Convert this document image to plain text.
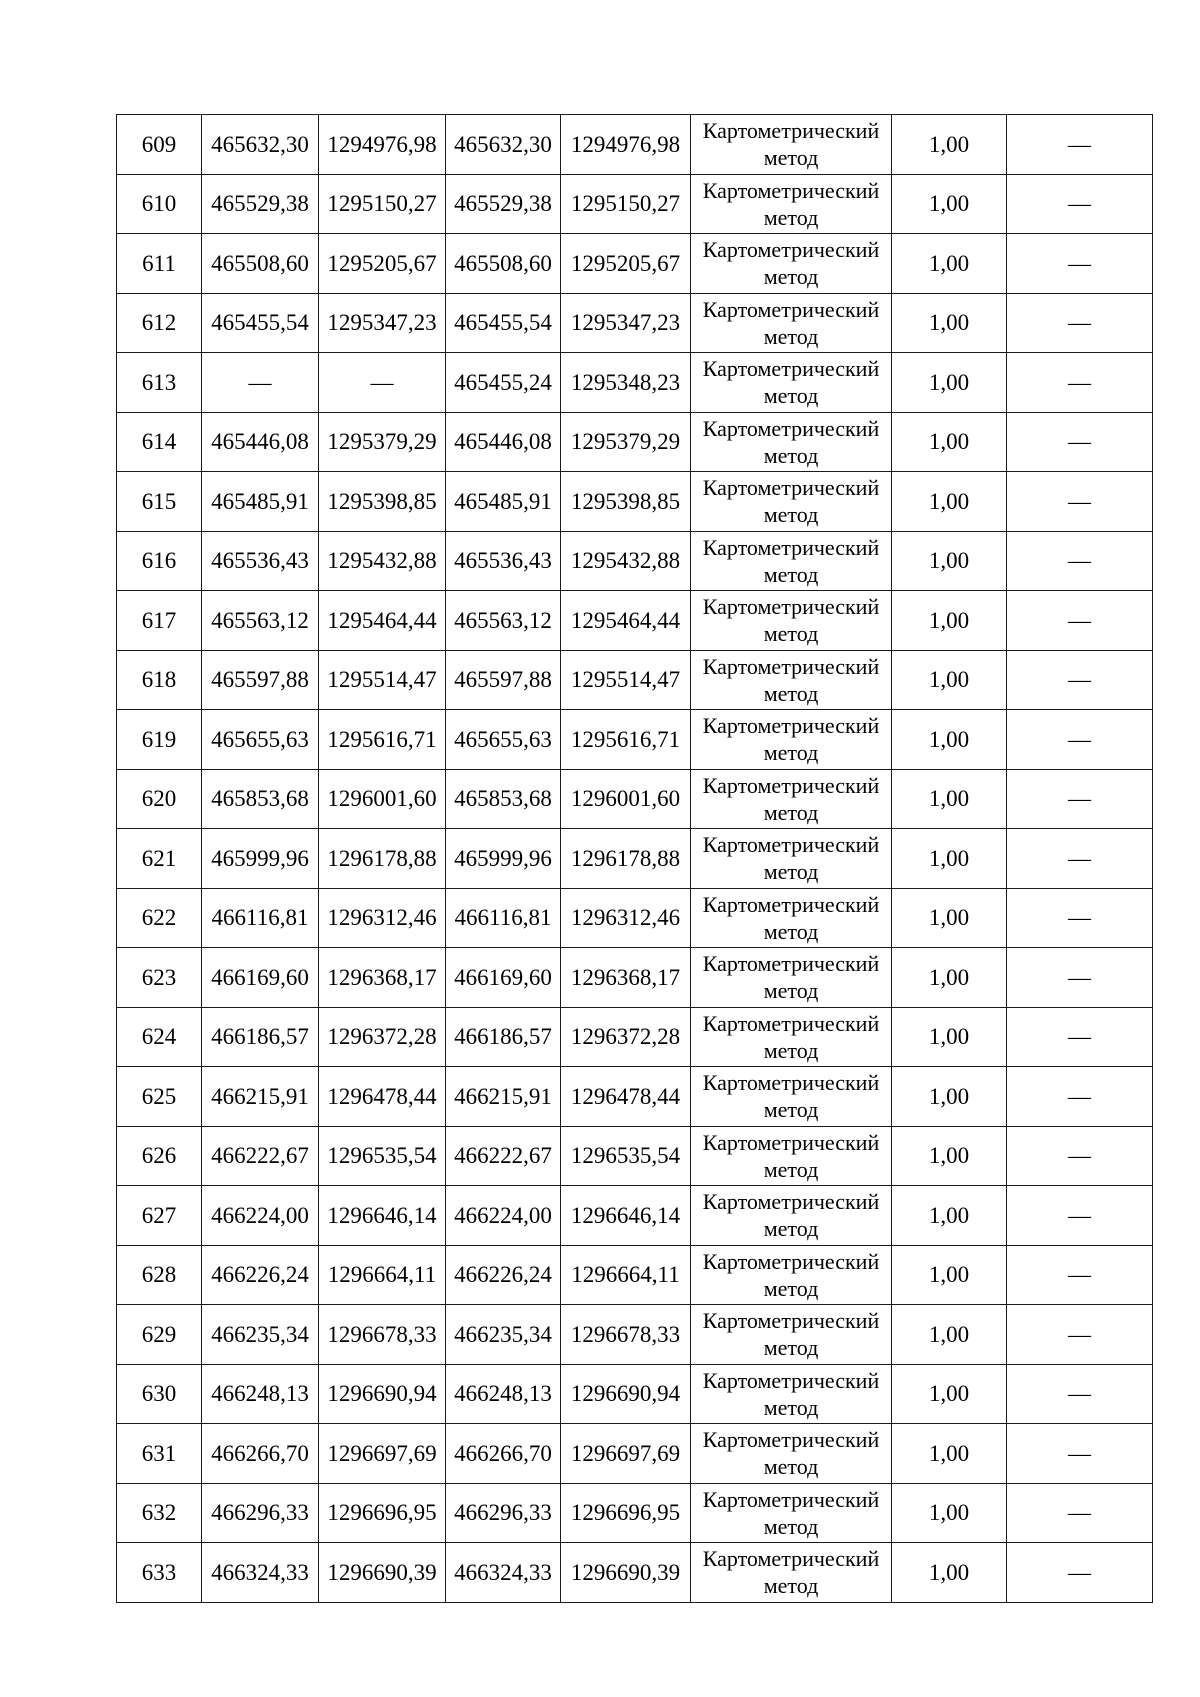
609	465632,30	1294976,98	465632,30	1294976,98	Картометрический
метод	1,00	—
610	465529,38	1295150,27	465529,38	1295150,27	Картометрический
метод	1,00	—
611	465508,60	1295205,67	465508,60	1295205,67	Картометрический
метод	1,00	—
612	465455,54	1295347,23	465455,54	1295347,23	Картометрический
метод	1,00	—
613	—	—	465455,24	1295348,23	Картометрический
метод	1,00	—
614	465446,08	1295379,29	465446,08	1295379,29	Картометрический
метод	1,00	—
615	465485,91	1295398,85	465485,91	1295398,85	Картометрический
метод	1,00	—
616	465536,43	1295432,88	465536,43	1295432,88	Картометрический
метод	1,00	—
617	465563,12	1295464,44	465563,12	1295464,44	Картометрический
метод	1,00	—
618	465597,88	1295514,47	465597,88	1295514,47	Картометрический
метод	1,00	—
619	465655,63	1295616,71	465655,63	1295616,71	Картометрический
метод	1,00	—
620	465853,68	1296001,60	465853,68	1296001,60	Картометрический
метод	1,00	—
621	465999,96	1296178,88	465999,96	1296178,88	Картометрический
метод	1,00	—
622	466116,81	1296312,46	466116,81	1296312,46	Картометрический
метод	1,00	—
623	466169,60	1296368,17	466169,60	1296368,17	Картометрический
метод	1,00	—
624	466186,57	1296372,28	466186,57	1296372,28	Картометрический
метод	1,00	—
625	466215,91	1296478,44	466215,91	1296478,44	Картометрический
метод	1,00	—
626	466222,67	1296535,54	466222,67	1296535,54	Картометрический
метод	1,00	—
627	466224,00	1296646,14	466224,00	1296646,14	Картометрический
метод	1,00	—
628	466226,24	1296664,11	466226,24	1296664,11	Картометрический
метод	1,00	—
629	466235,34	1296678,33	466235,34	1296678,33	Картометрический
метод	1,00	—
630	466248,13	1296690,94	466248,13	1296690,94	Картометрический
метод	1,00	—
631	466266,70	1296697,69	466266,70	1296697,69	Картометрический
метод	1,00	—
632	466296,33	1296696,95	466296,33	1296696,95	Картометрический
метод	1,00	—
633	466324,33	1296690,39	466324,33	1296690,39	Картометрический
метод	1,00	—
